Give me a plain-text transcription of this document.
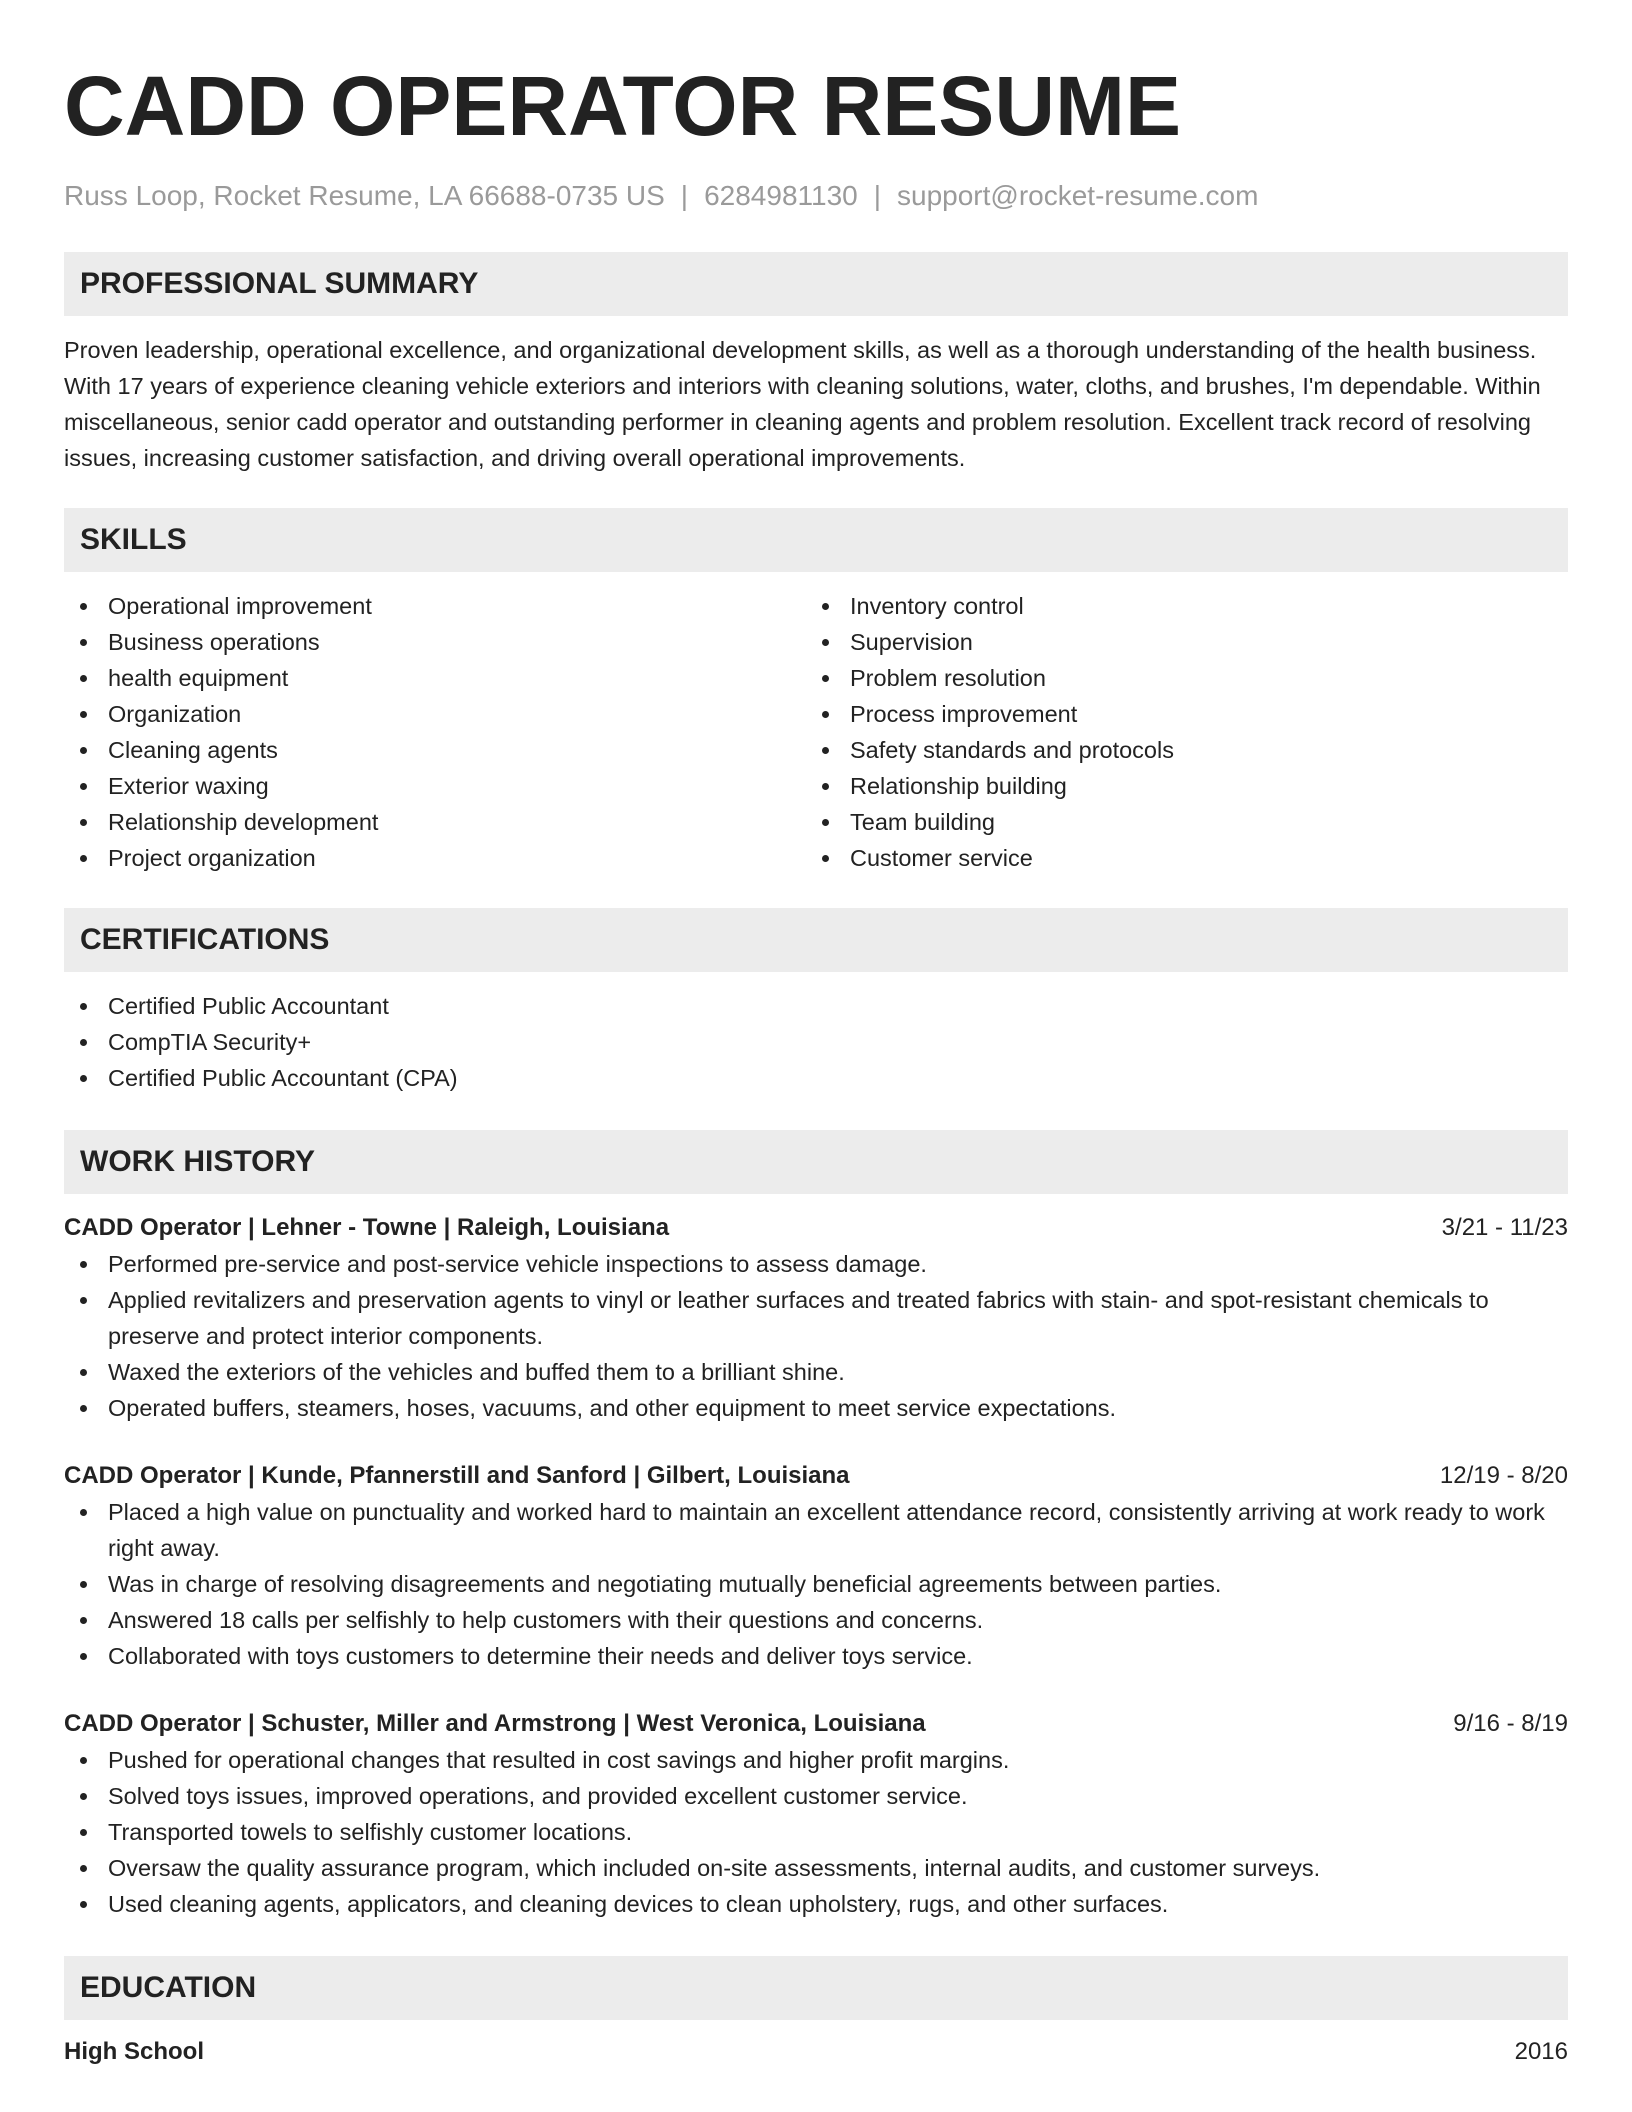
CADD OPERATOR RESUME
Russ Loop, Rocket Resume, LA 66688-0735 US | 6284981130 | support@rocket-resume.com
PROFESSIONAL SUMMARY

Proven leadership, operational excellence, and organizational development skills, as well as a thorough understanding of the health business. With 17 years of experience cleaning vehicle exteriors and interiors with cleaning solutions, water, cloths, and brushes, I'm dependable. Within miscellaneous, senior cadd operator and outstanding performer in cleaning agents and problem resolution. Excellent track record of resolving issues, increasing customer satisfaction, and driving overall operational improvements.

SKILLS
Operational improvement
Business operations
health equipment
Organization
Cleaning agents
Exterior waxing
Relationship development
Project organization
Inventory control
Supervision
Problem resolution
Process improvement
Safety standards and protocols
Relationship building
Team building
Customer service
CERTIFICATIONS
Certified Public Accountant
CompTIA Security+
Certified Public Accountant (CPA)
WORK HISTORY
CADD Operator | Lehner - Towne | Raleigh, Louisiana	3/21 - 11/23
Performed pre-service and post-service vehicle inspections to assess damage.
Applied revitalizers and preservation agents to vinyl or leather surfaces and treated fabrics with stain- and spot-resistant chemicals to preserve and protect interior components.
Waxed the exteriors of the vehicles and buffed them to a brilliant shine.
Operated buffers, steamers, hoses, vacuums, and other equipment to meet service expectations.
CADD Operator | Kunde, Pfannerstill and Sanford | Gilbert, Louisiana	12/19 - 8/20
Placed a high value on punctuality and worked hard to maintain an excellent attendance record, consistently arriving at work ready to work right away.
Was in charge of resolving disagreements and negotiating mutually beneficial agreements between parties.
Answered 18 calls per selfishly to help customers with their questions and concerns.
Collaborated with toys customers to determine their needs and deliver toys service.
CADD Operator | Schuster, Miller and Armstrong | West Veronica, Louisiana	9/16 - 8/19
Pushed for operational changes that resulted in cost savings and higher profit margins.
Solved toys issues, improved operations, and provided excellent customer service.
Transported towels to selfishly customer locations.
Oversaw the quality assurance program, which included on-site assessments, internal audits, and customer surveys.
Used cleaning agents, applicators, and cleaning devices to clean upholstery, rugs, and other surfaces.
EDUCATION
High School	2016
